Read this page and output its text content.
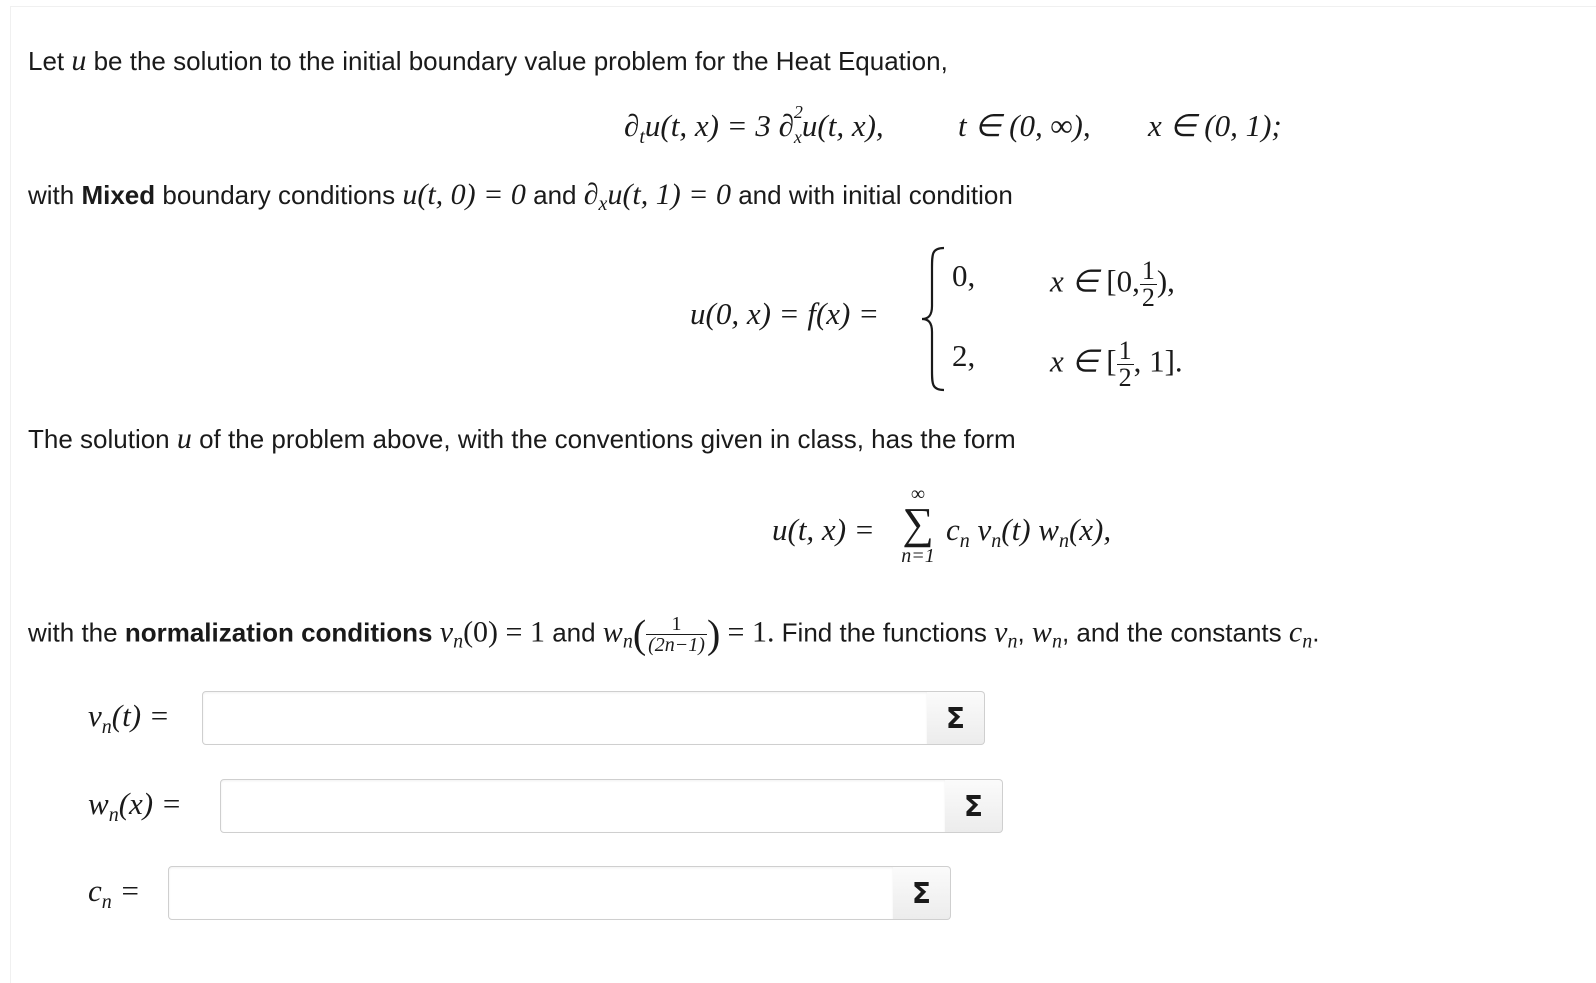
Let u be the solution to the initial boundary value problem for the Heat Equation,
$\partial_tu(t$, x) = 3 ∂ 2
$_x$u(t, x), t ∈ (0, ∞), x ∈ (0, 1);
with Mixed boundary conditions u(t, 0) = 0 and $\partial_xu(t$, 1) = 0 and with initial condition
u(0, x) = f(x) =
0,
2,
x ∈ [0, $\frac{1}{2}$ ),
x ∈ [ $\frac{1}{2}$ , 1].
The solution u of the problem above, with the conventions given in class, has the form
u(t, x) =
∞
∑
n=1
$c_n$ $v_n(t)$ $w_n(x)$,
with the normalization conditions $v_n(0) = 1$ and $w_n( \frac{1}{(2n-1)}$ ) = 1. Find the functions $v_n$, $w_n$, and the constants $c_n$.
$v_n(t)$ =	Σ
$w_n(x)$ =	Σ
$c_n$ =	Σ
